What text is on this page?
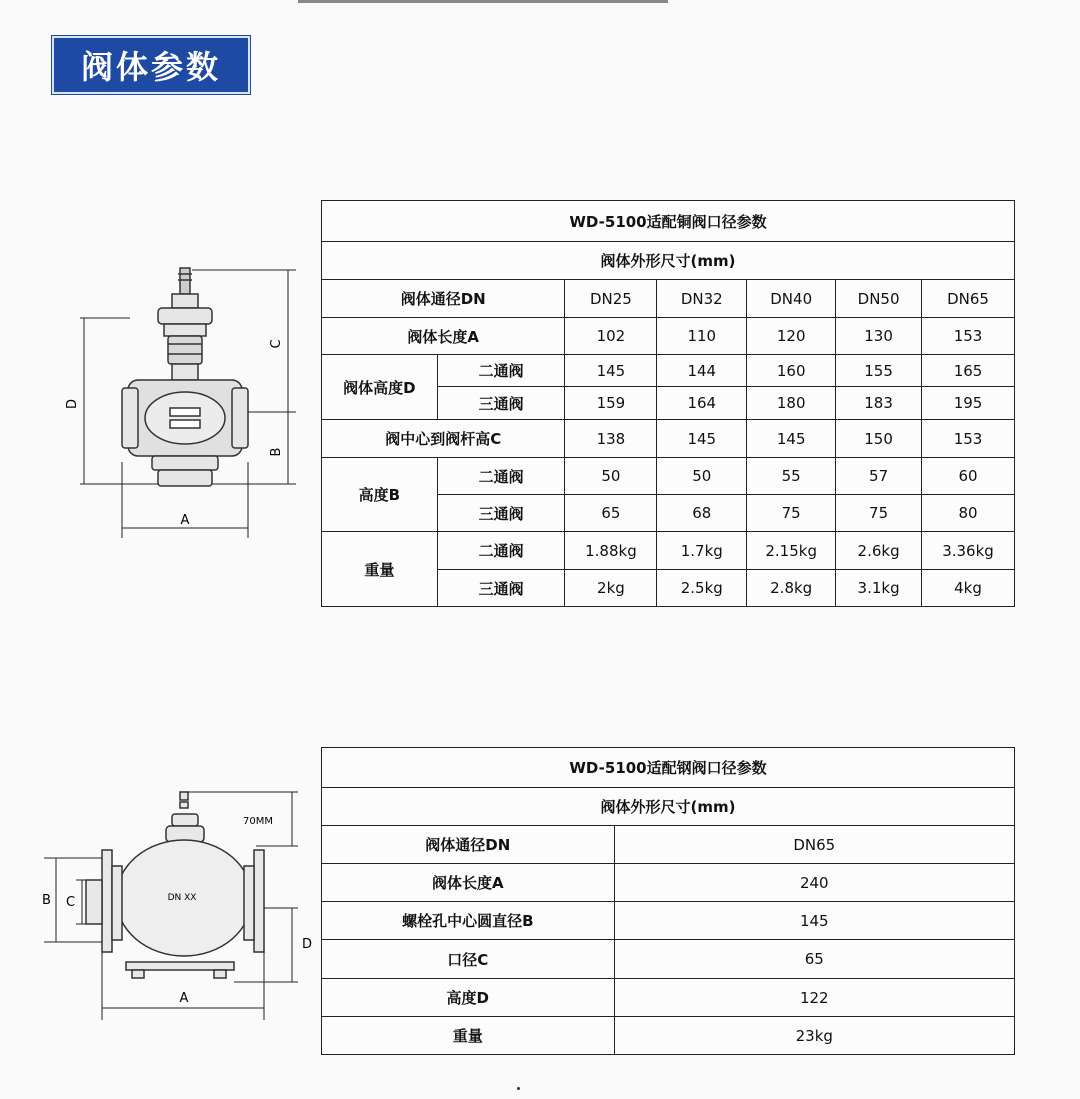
阀体参数
D
C
B
A
WD-5100适配铜阀口径参数						
阀体外形尺寸(mm)						
阀体通径DN		DN25	DN32	DN40	DN50	DN65
阀体长度A		102	110	120	130	153
阀体高度D	二通阀	145	144	160	155	165
	三通阀	159	164	180	183	195
阀中心到阀杆高C		138	145	145	150	153
高度B	二通阀	50	50	55	57	60
	三通阀	65	68	75	75	80
重量	二通阀	1.88kg	1.7kg	2.15kg	2.6kg	3.36kg
	三通阀	2kg	2.5kg	2.8kg	3.1kg	4kg
DN XX
70MM
D
B C
A
WD-5100适配钢阀口径参数	
阀体外形尺寸(mm)	
阀体通径DN	DN65
阀体长度A	240
螺栓孔中心圆直径B	145
口径C	65
高度D	122
重量	23kg
